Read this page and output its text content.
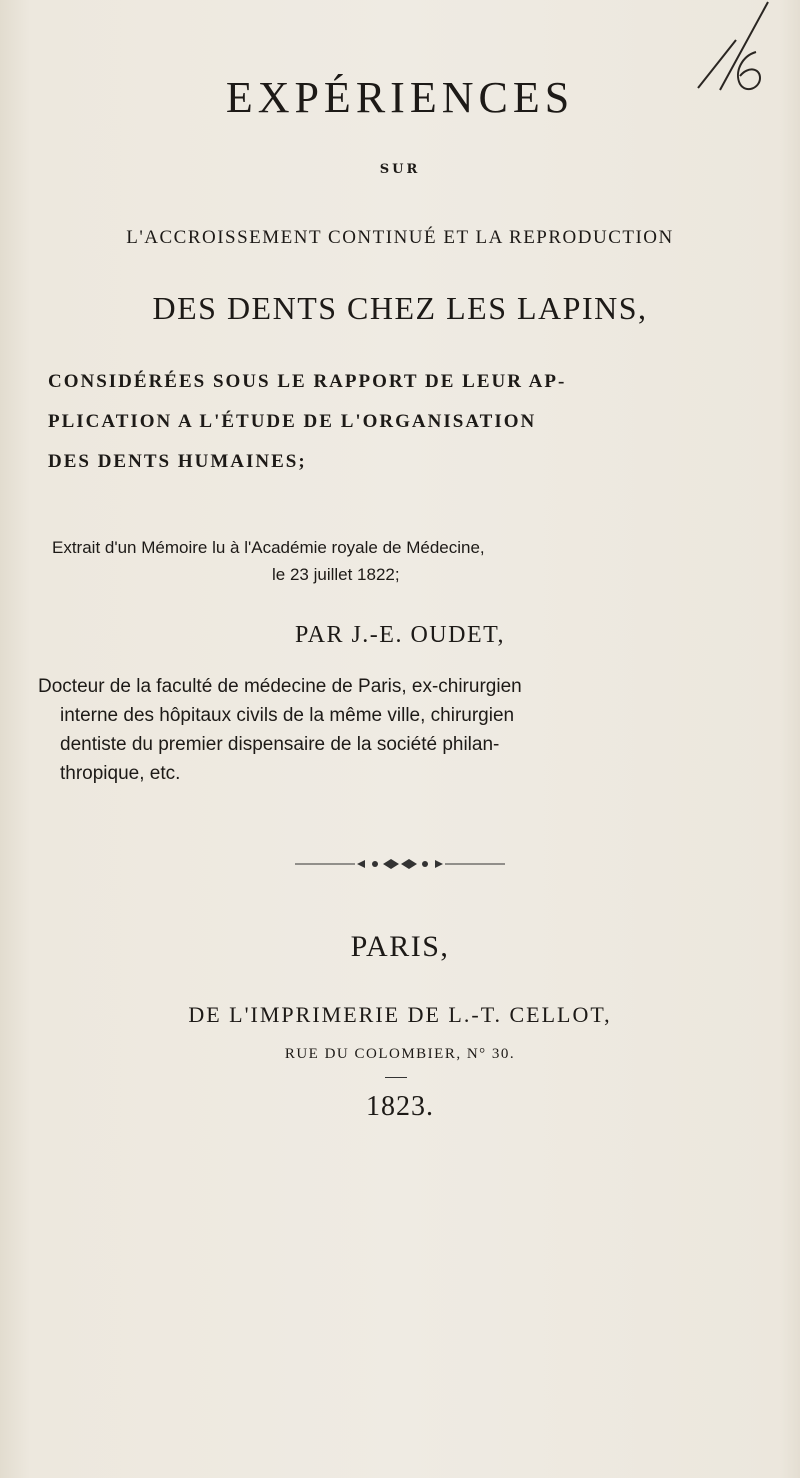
EXPÉRIENCES

SUR

L'ACCROISSEMENT CONTINUÉ ET LA REPRODUCTION

DES DENTS CHEZ LES LAPINS,

CONSIDÉRÉES SOUS LE RAPPORT DE LEUR AP-

PLICATION A L'ÉTUDE DE L'ORGANISATION

DES DENTS HUMAINES;

Extrait d'un Mémoire lu à l'Académie royale de Médecine,

le 23 juillet 1822;

PAR J.-E. OUDET,

Docteur de la faculté de médecine de Paris, ex-chirurgien

interne des hôpitaux civils de la même ville, chirurgien

dentiste du premier dispensaire de la société philan-

thropique, etc.

PARIS,

DE L'IMPRIMERIE DE L.-T. CELLOT,

RUE DU COLOMBIER, N° 30.

1823.
